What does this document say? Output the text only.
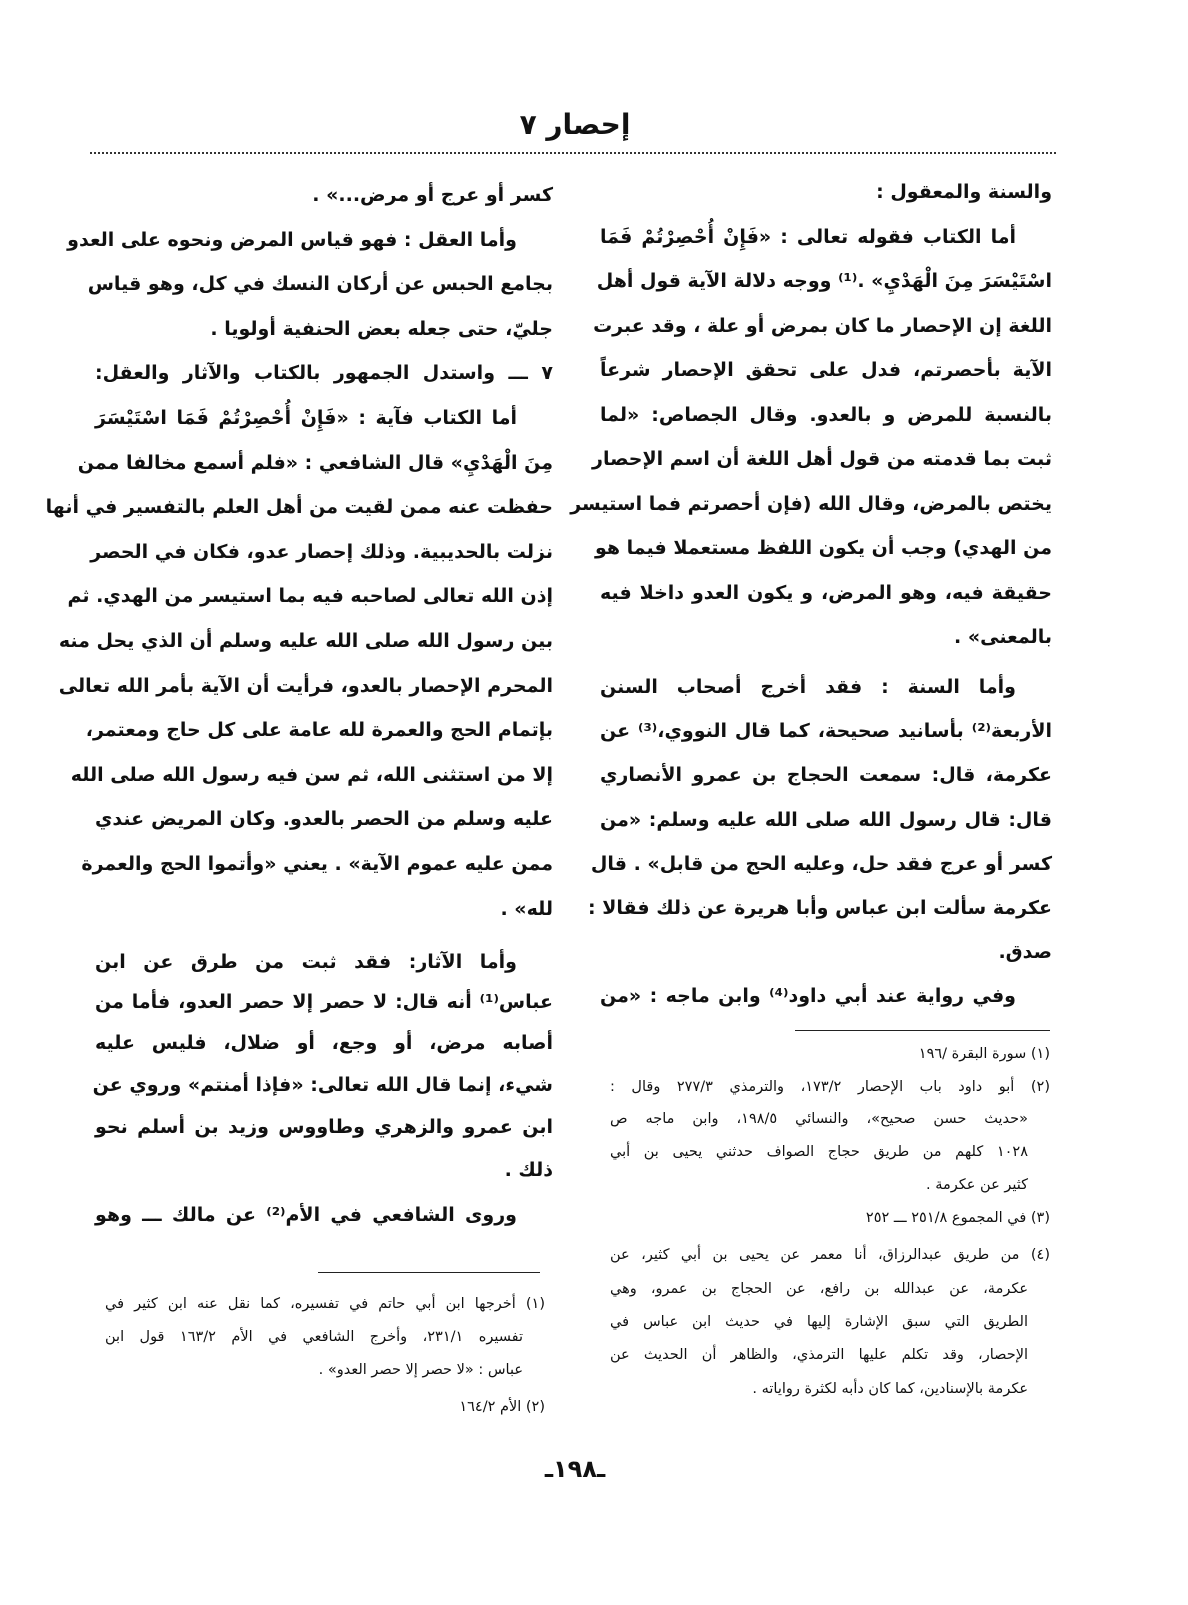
إحصار ٧
والسنة والمعقول :
أما الكتاب فقوله تعالى : «فَإِنْ أُحْصِرْتُمْ فَمَا
اسْتَيْسَرَ مِنَ الْهَدْيِ» .⁽¹⁾ ووجه دلالة الآية قول أهل
اللغة إن الإحصار ما كان بمرض أو علة ، وقد عبرت
الآية بأحصرتم، فدل على تحقق الإحصار شرعاً
بالنسبة للمرض و بالعدو. وقال الجصاص: «لما
ثبت بما قدمته من قول أهل اللغة أن اسم الإحصار
يختص بالمرض، وقال الله (فإن أحصرتم فما استيسر
من الهدي) وجب أن يكون اللفظ مستعملا فيما هو
حقيقة فيه، وهو المرض، و يكون العدو داخلا فيه
بالمعنى» .
وأما السنة : فقد أخرج أصحاب السنن
الأربعة⁽²⁾ بأسانيد صحيحة، كما قال النووي،⁽³⁾ عن
عكرمة، قال: سمعت الحجاج بن عمرو الأنصاري
قال: قال رسول الله صلى الله عليه وسلم: «من
كسر أو عرج فقد حل، وعليه الحج من قابل» . قال
عكرمة سألت ابن عباس وأبا هريرة عن ذلك فقالا :
صدق.
وفي رواية عند أبي داود⁽⁴⁾ وابن ماجه : «من
(١) سورة البقرة /١٩٦
(٢) أبو داود باب الإحصار ١٧٣/٢، والترمذي ٢٧٧/٣ وقال :
«حديث حسن صحيح»، والنسائي ١٩٨/٥، وابن ماجه ص
١٠٢٨ كلهم من طريق حجاج الصواف حدثني يحيى بن أبي
كثير عن عكرمة .
(٣) في المجموع ٢٥١/٨ ـــ ٢٥٢
(٤) من طريق عبدالرزاق، أنا معمر عن يحيى بن أبي كثير، عن
عكرمة، عن عبدالله بن رافع، عن الحجاج بن عمرو، وهي
الطريق التي سبق الإشارة إليها في حديث ابن عباس في
الإحصار، وقد تكلم عليها الترمذي، والظاهر أن الحديث عن
عكرمة بالإسنادين، كما كان دأبه لكثرة رواياته .
كسر أو عرج أو مرض...» .
وأما العقل : فهو قياس المرض ونحوه على العدو
بجامع الحبس عن أركان النسك في كل، وهو قياس
جليّ، حتى جعله بعض الحنفية أولويا .
٧ ـــ واستدل الجمهور بالكتاب والآثار والعقل:
أما الكتاب فآية : «فَإِنْ أُحْصِرْتُمْ فَمَا اسْتَيْسَرَ
مِنَ الْهَدْيِ» قال الشافعي : «فلم أسمع مخالفا ممن
حفظت عنه ممن لقيت من أهل العلم بالتفسير في أنها
نزلت بالحديبية. وذلك إحصار عدو، فكان في الحصر
إذن الله تعالى لصاحبه فيه بما استيسر من الهدي. ثم
بين رسول الله صلى الله عليه وسلم أن الذي يحل منه
المحرم الإحصار بالعدو، فرأيت أن الآية بأمر الله تعالى
بإتمام الحج والعمرة لله عامة على كل حاج ومعتمر،
إلا من استثنى الله، ثم سن فيه رسول الله صلى الله
عليه وسلم من الحصر بالعدو. وكان المريض عندي
ممن عليه عموم الآية» . يعني «وأتموا الحج والعمرة
لله» .
وأما الآثار: فقد ثبت من طرق عن ابن
عباس⁽¹⁾ أنه قال: لا حصر إلا حصر العدو، فأما من
أصابه مرض، أو وجع، أو ضلال، فليس عليه
شيء، إنما قال الله تعالى: «فإذا أمنتم» وروي عن
ابن عمرو والزهري وطاووس وزيد بن أسلم نحو
ذلك .
وروى الشافعي في الأم⁽²⁾ عن مالك ـــ وهو
(١) أخرجها ابن أبي حاتم في تفسيره، كما نقل عنه ابن كثير في
تفسيره ٢٣١/١، وأخرج الشافعي في الأم ١٦٣/٢ قول ابن
عباس : «لا حصر إلا حصر العدو» .
(٢) الأم ١٦٤/٢
ـ١٩٨ـ
